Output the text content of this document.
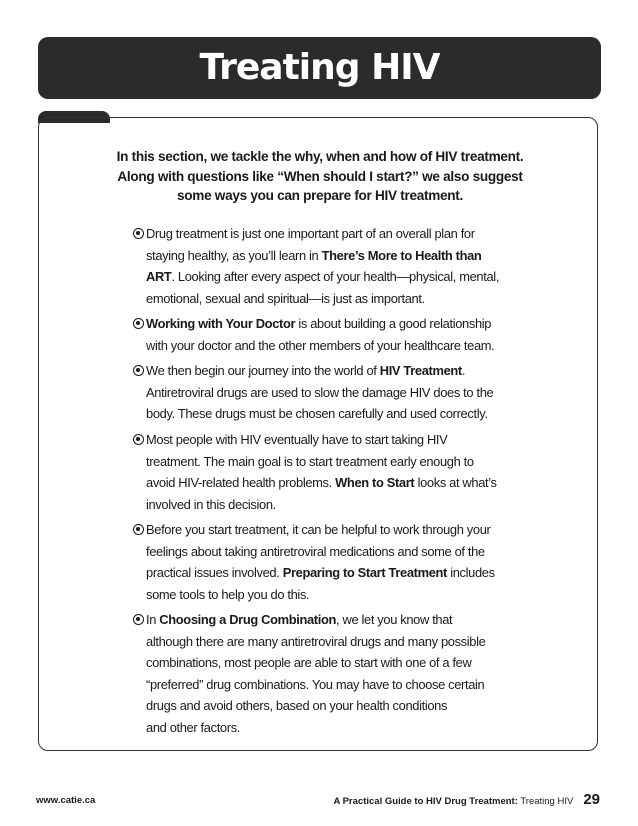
Treating HIV

In this section, we tackle the why, when and how of HIV treatment.

Along with questions like “When should I start?” we also suggest

some ways you can prepare for HIV treatment.

Drug treatment is just one important part of an overall plan for
staying healthy, as you’ll learn in There’s More to Health than
ART. Looking after every aspect of your health—physical, mental,
emotional, sexual and spiritual—is just as important.
Working with Your Doctor is about building a good relationship
with your doctor and the other members of your healthcare team.
We then begin our journey into the world of HIV Treatment.
Antiretroviral drugs are used to slow the damage HIV does to the
body. These drugs must be chosen carefully and used correctly.
Most people with HIV eventually have to start taking HIV
treatment. The main goal is to start treatment early enough to
avoid HIV-related health problems. When to Start looks at what’s
involved in this decision.
Before you start treatment, it can be helpful to work through your
feelings about taking antiretroviral medications and some of the
practical issues involved. Preparing to Start Treatment includes
some tools to help you do this.
In Choosing a Drug Combination, we let you know that
although there are many antiretroviral drugs and many possible
combinations, most people are able to start with one of a few
“preferred” drug combinations. You may have to choose certain
drugs and avoid others, based on your health conditions
and other factors.
www.catie.ca	A Practical Guide to HIV Drug Treatment: Treating HIV 29
